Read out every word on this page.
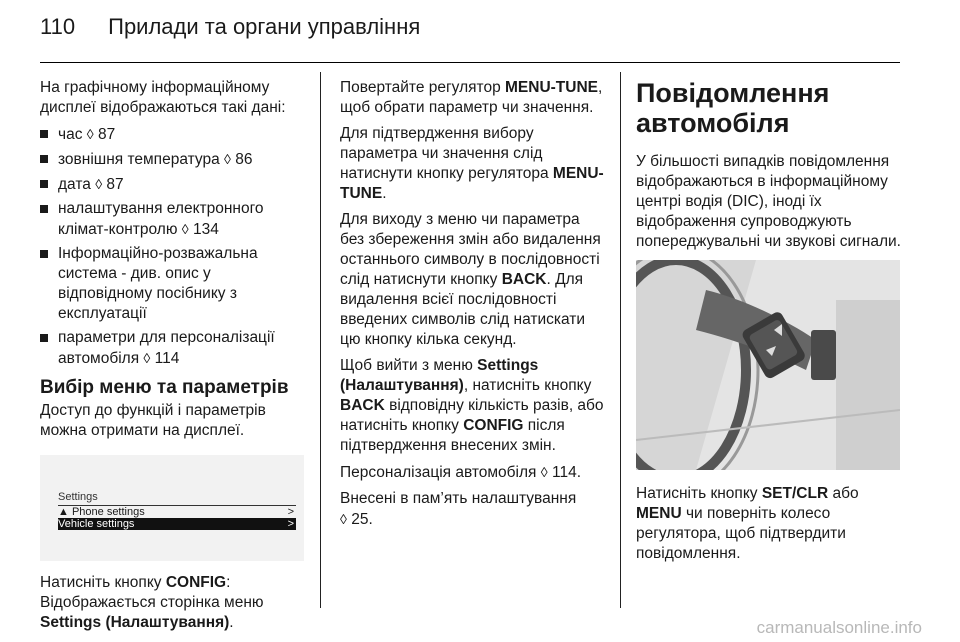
110 Прилади та органи управління

На графічному інформаційному дисплеї відображаються такі дані:

час ◊ 87
зовнішня температура ◊ 86
дата ◊ 87
налаштування електронного клімат-контролю ◊ 134
Інформаційно-розважальна система - див. опис у відповідному посібнику з експлуатації
параметри для персоналізації автомобіля ◊ 114
Вибір меню та параметрів

Доступ до функцій і параметрів можна отримати на дисплеї.

Settings
▲ Phone settings	>
Vehicle settings	>

Натисніть кнопку CONFIG:
Відображається сторінка меню Settings (Налаштування).

Повертайте регулятор MENU-TUNE, щоб обрати параметр чи значення.

Для підтвердження вибору параметра чи значення слід натиснути кнопку регулятора MENU-TUNE.

Для виходу з меню чи параметра без збереження змін або видалення останнього символу в послідовності слід натиснути кнопку BACK. Для видалення всієї послідовності введених символів слід натискати цю кнопку кілька секунд.

Щоб вийти з меню Settings (Налаштування), натисніть кнопку BACK відповідну кількість разів, або натисніть кнопку CONFIG після підтвердження внесених змін.

Персоналізація автомобіля ◊ 114.

Внесені в пам’ять налаштування
◊ 25.

Повідомлення автомобіля

У більшості випадків повідомлення відображаються в інформаційному центрі водія (DIC), іноді їх відображення супроводжують попереджувальні чи звукові сигнали.

Натисніть кнопку SET/CLR або MENU чи поверніть колесо регулятора, щоб підтвердити повідомлення.

carmanualsonline.info
